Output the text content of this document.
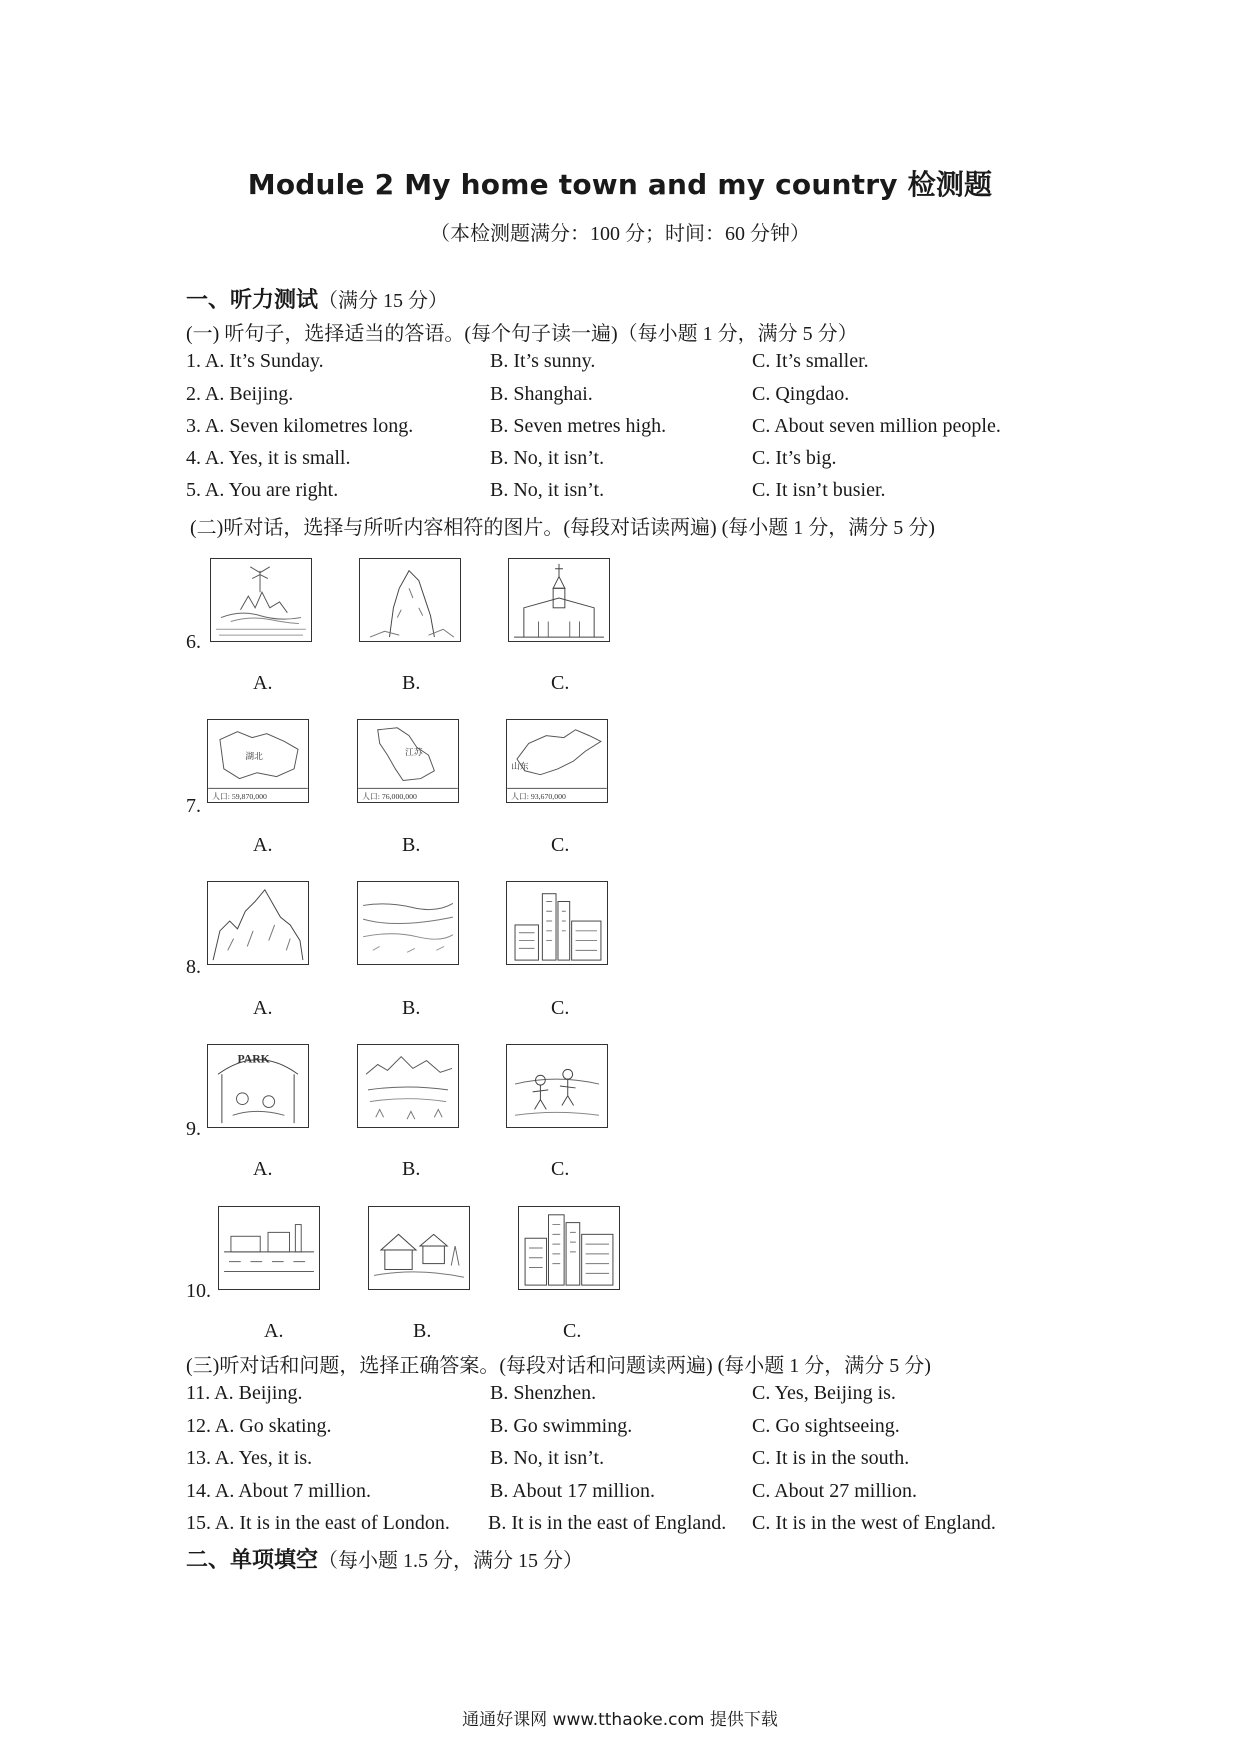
Module 2 My home town and my country 检测题
（本检测题满分：100 分；时间：60 分钟）
一、听力测试（满分 15 分）
(一) 听句子，选择适当的答语。(每个句子读一遍)（每小题 1 分，满分 5 分）
1. A. It’s Sunday.	B. It’s sunny.	C. It’s smaller.
2. A. Beijing.	B. Shanghai.	C. Qingdao.
3. A. Seven kilometres long.	B. Seven metres high.	C. About seven million people.
4. A. Yes, it is small.	B. No, it isn’t.	C. It’s big.
5. A. You are right.	B. No, it isn’t.	C. It isn’t busier.
(二)听对话，选择与所听内容相符的图片。(每段对话读两遍) (每小题 1 分，满分 5 分)
6.
A.	B.	C.
7.
湖北
人口: 59,870,000
江苏
人口: 76,000,000
山东
人口: 93,670,000
A.	B.	C.
8.
A.	B.	C.
9.
PARK
A.	B.	C.
10.
A.	B.	C.
(三)听对话和问题，选择正确答案。(每段对话和问题读两遍) (每小题 1 分，满分 5 分)
11. A. Beijing.	B. Shenzhen.	C. Yes, Beijing is.
12. A. Go skating.	B. Go swimming.	C. Go sightseeing.
13. A. Yes, it is.	B. No, it isn’t.	C. It is in the south.
14. A. About 7 million.	B. About 17 million.	C. About 27 million.
15. A. It is in the east of London. B. It is in the east of England. C. It is in the west of England.
二、单项填空（每小题 1.5 分，满分 15 分）
通通好课网 www.tthaoke.com 提供下载
